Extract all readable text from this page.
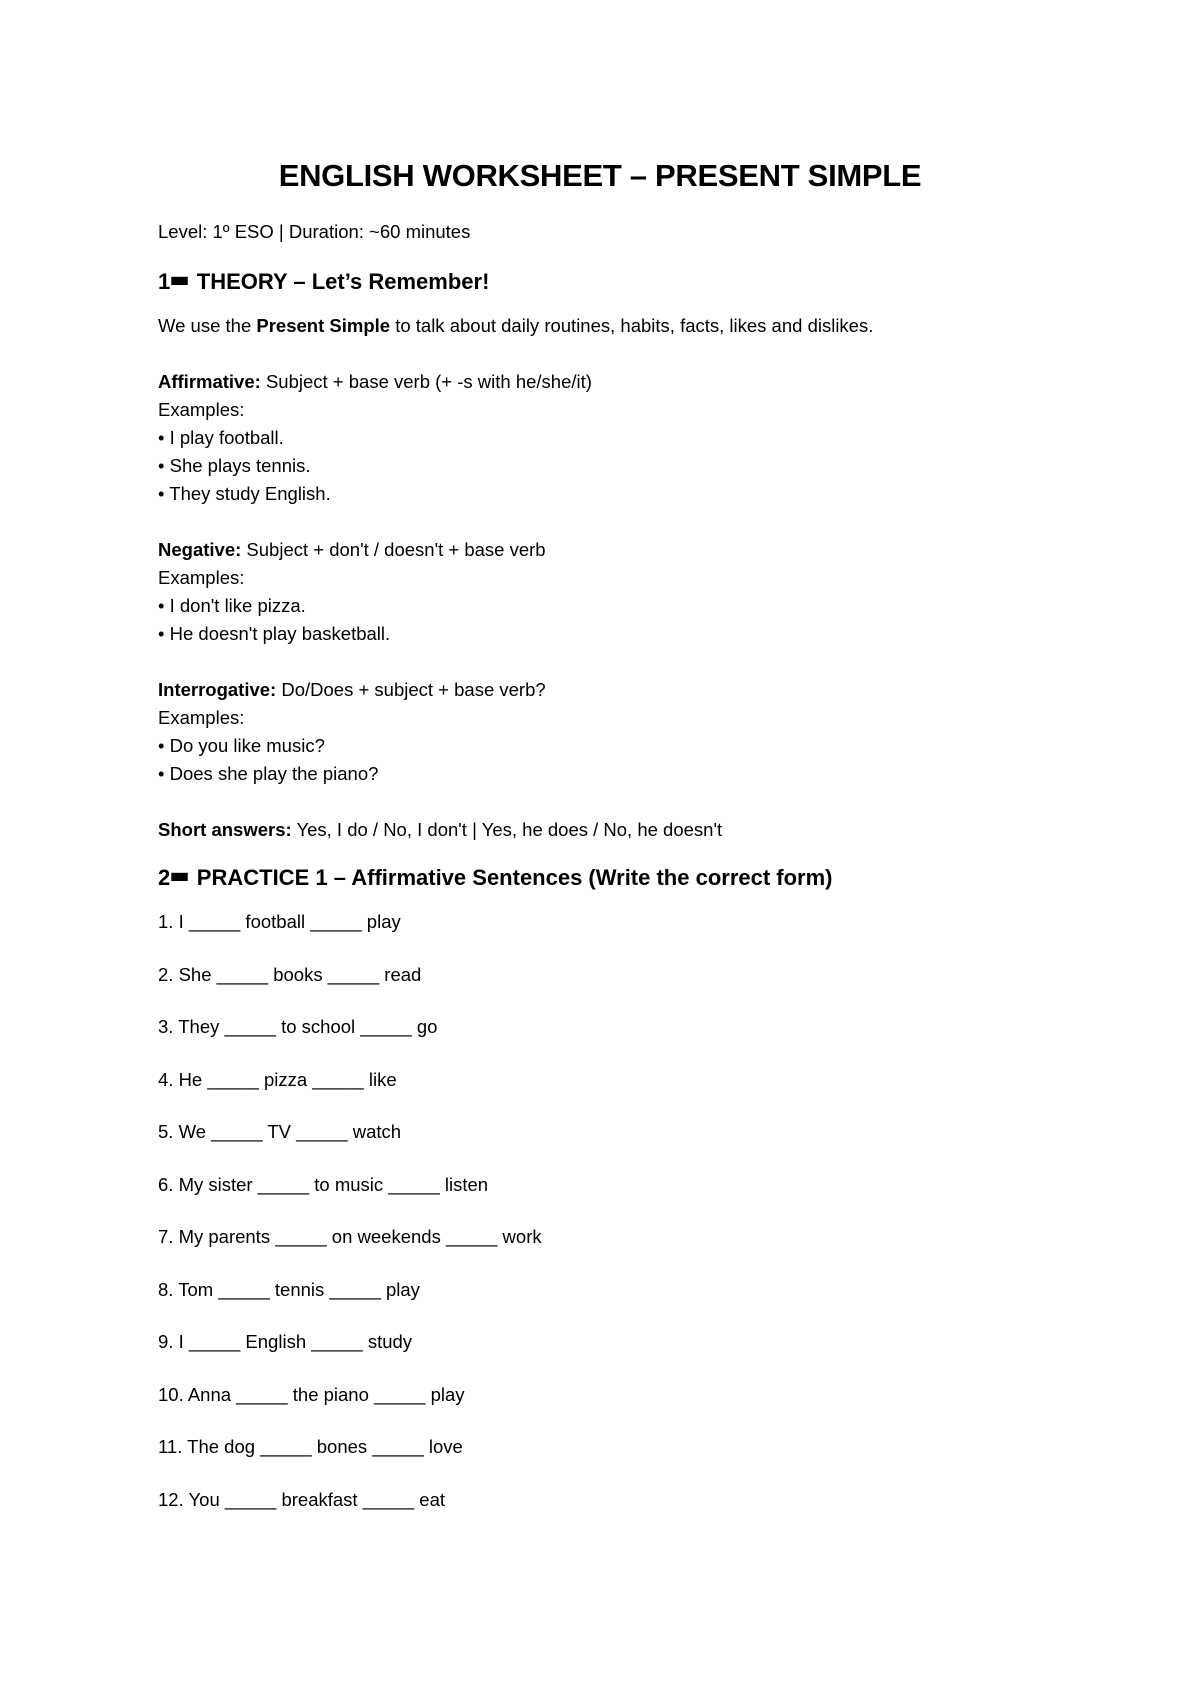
ENGLISH WORKSHEET – PRESENT SIMPLE
Level: 1º ESO | Duration: ~60 minutes
1 ■■ THEORY – Let’s Remember!
We use the Present Simple to talk about daily routines, habits, facts, likes and dislikes.
Affirmative: Subject + base verb (+ -s with he/she/it)
Examples:
• I play football.
• She plays tennis.
• They study English.
Negative: Subject + don't / doesn't + base verb
Examples:
• I don't like pizza.
• He doesn't play basketball.
Interrogative: Do/Does + subject + base verb?
Examples:
• Do you like music?
• Does she play the piano?
Short answers: Yes, I do / No, I don't | Yes, he does / No, he doesn't
2 ■■ PRACTICE 1 – Affirmative Sentences (Write the correct form)
1. I _____ football _____ play
2. She _____ books _____ read
3. They _____ to school _____ go
4. He _____ pizza _____ like
5. We _____ TV _____ watch
6. My sister _____ to music _____ listen
7. My parents _____ on weekends _____ work
8. Tom _____ tennis _____ play
9. I _____ English _____ study
10. Anna _____ the piano _____ play
11. The dog _____ bones _____ love
12. You _____ breakfast _____ eat
